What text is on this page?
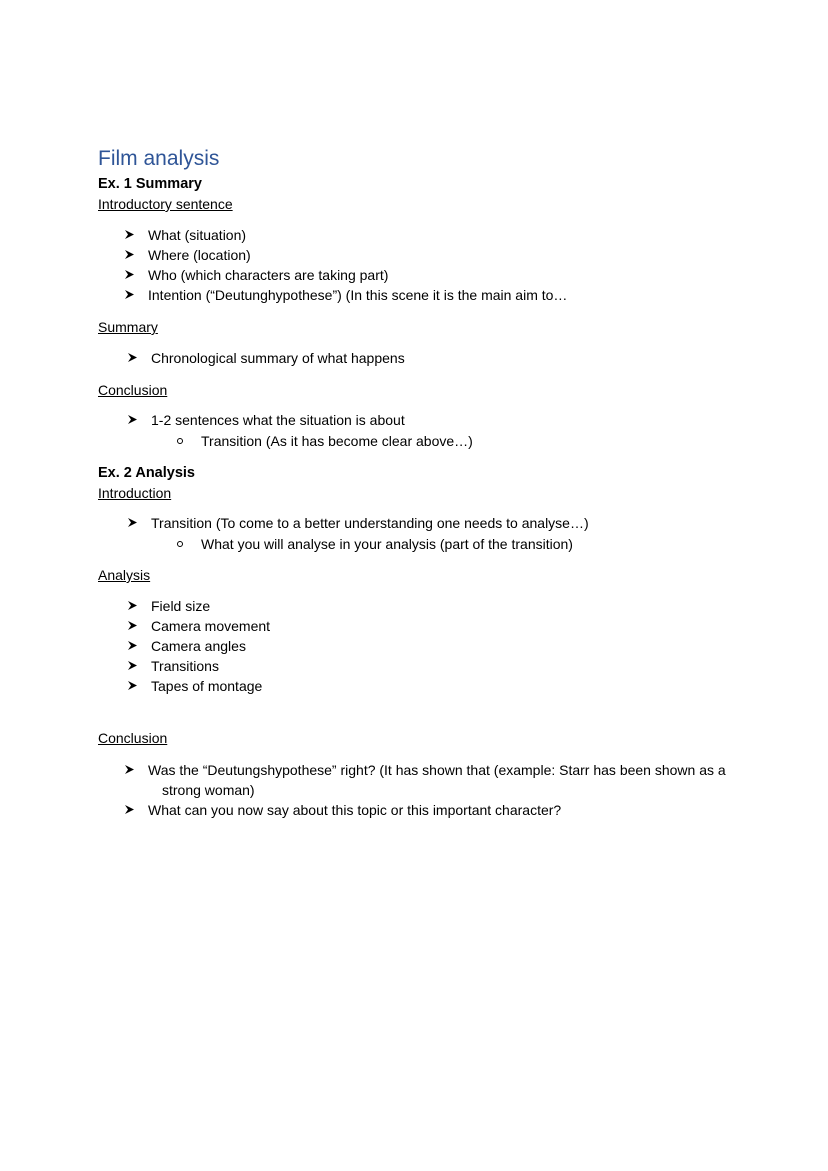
Film analysis
Ex. 1 Summary
Introductory sentence
What (situation)
Where (location)
Who (which characters are taking part)
Intention (“Deutunghypothese”) (In this scene it is the main aim to…
Summary
Chronological summary of what happens
Conclusion
1-2 sentences what the situation is about
Transition (As it has become clear above…)
Ex. 2 Analysis
Introduction
Transition (To come to a better understanding one needs to analyse…)
What you will analyse in your analysis (part of the transition)
Analysis
Field size
Camera movement
Camera angles
Transitions
Tapes of montage
Conclusion
Was the “Deutungshypothese” right? (It has shown that (example: Starr has been shown as a
strong woman)
What can you now say about this topic or this important character?
